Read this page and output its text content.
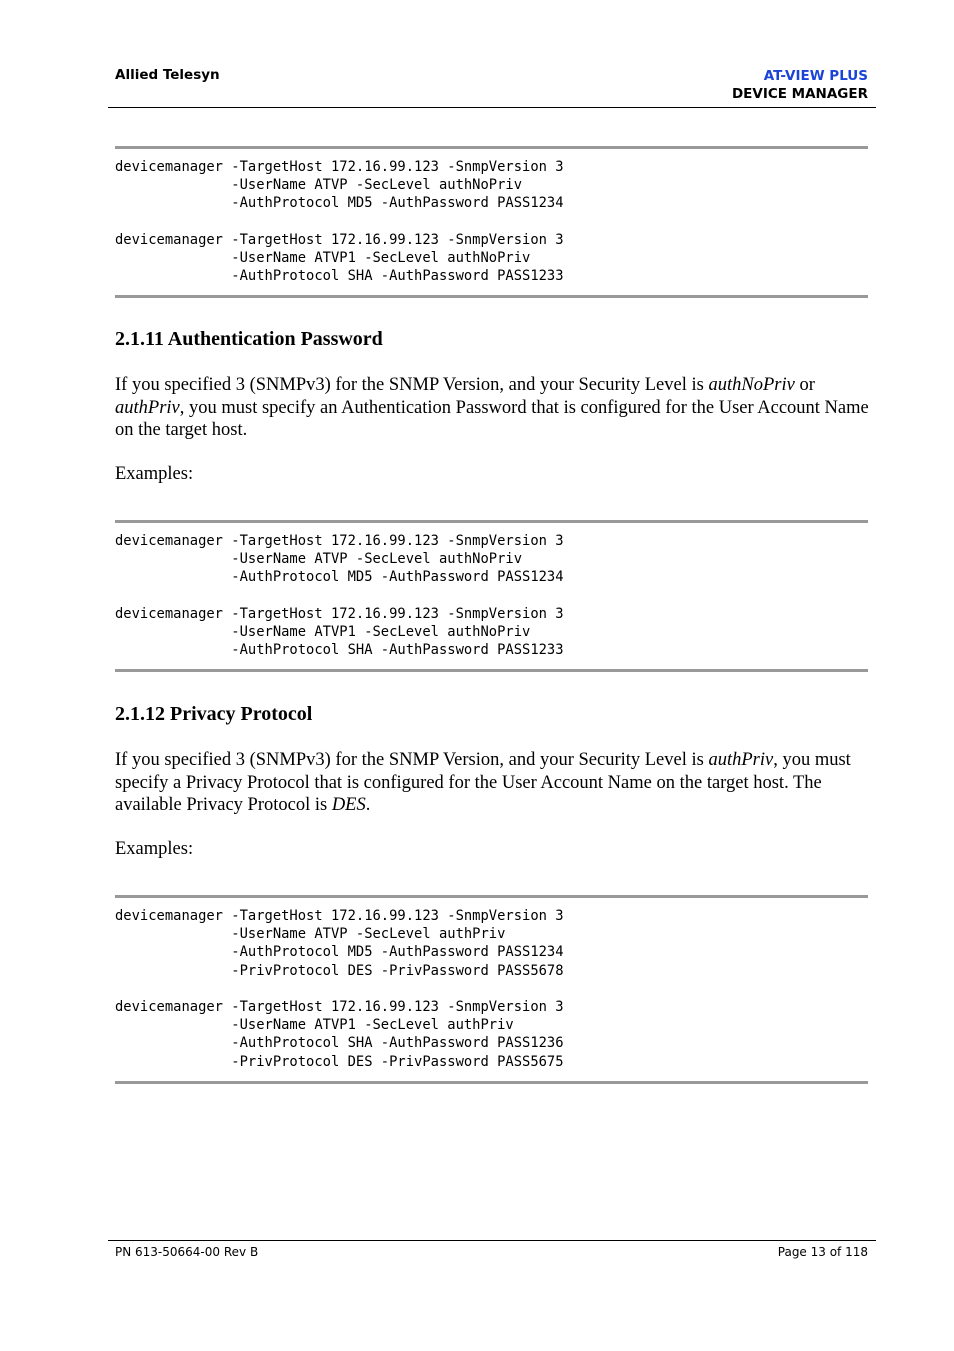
Allied Telesyn	AT-VIEW PLUS
DEVICE MANAGER
devicemanager -TargetHost 172.16.99.123 -SnmpVersion 3
-UserName ATVP -SecLevel authNoPriv
-AuthProtocol MD5 -AuthPassword PASS1234
devicemanager -TargetHost 172.16.99.123 -SnmpVersion 3
-UserName ATVP1 -SecLevel authNoPriv
-AuthProtocol SHA -AuthPassword PASS1233
2.1.11 Authentication Password

If you specified 3 (SNMPv3) for the SNMP Version, and your Security Level is authNoPriv or authPriv, you must specify an Authentication Password that is configured for the User Account Name on the target host.

Examples:

devicemanager -TargetHost 172.16.99.123 -SnmpVersion 3
-UserName ATVP -SecLevel authNoPriv
-AuthProtocol MD5 -AuthPassword PASS1234
devicemanager -TargetHost 172.16.99.123 -SnmpVersion 3
-UserName ATVP1 -SecLevel authNoPriv
-AuthProtocol SHA -AuthPassword PASS1233
2.1.12 Privacy Protocol

If you specified 3 (SNMPv3) for the SNMP Version, and your Security Level is authPriv, you must specify a Privacy Protocol that is configured for the User Account Name on the target host. The available Privacy Protocol is DES.

Examples:

devicemanager -TargetHost 172.16.99.123 -SnmpVersion 3
-UserName ATVP -SecLevel authPriv
-AuthProtocol MD5 -AuthPassword PASS1234
-PrivProtocol DES -PrivPassword PASS5678
devicemanager -TargetHost 172.16.99.123 -SnmpVersion 3
-UserName ATVP1 -SecLevel authPriv
-AuthProtocol SHA -AuthPassword PASS1236
-PrivProtocol DES -PrivPassword PASS5675
PN 613-50664-00 Rev B	Page 13 of 118
